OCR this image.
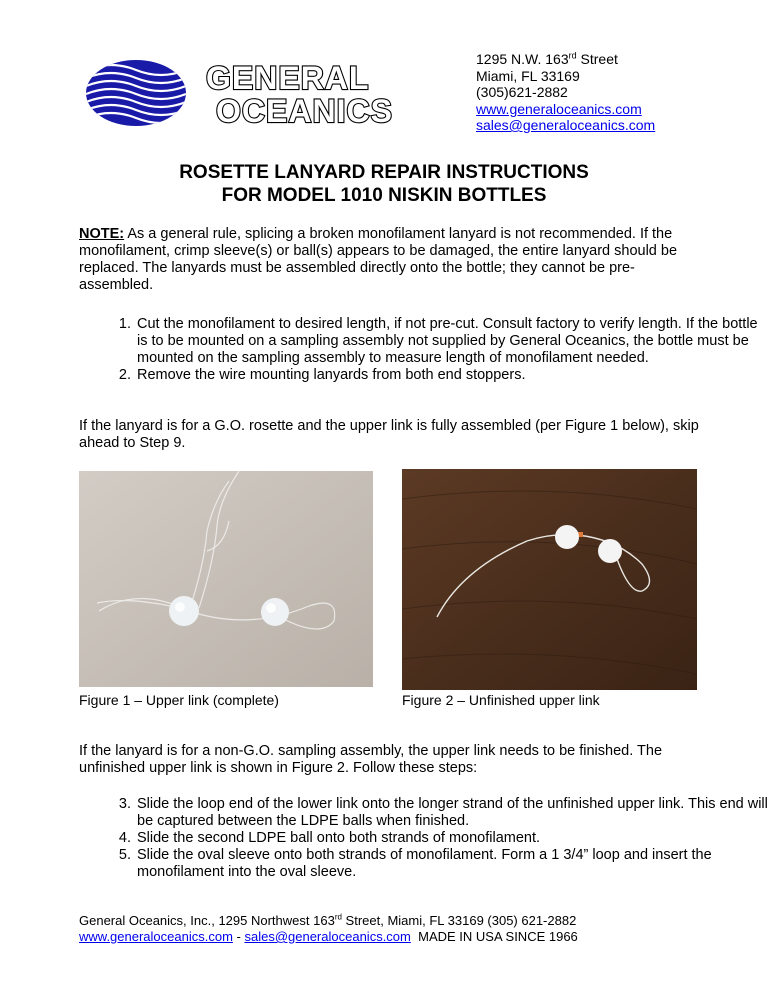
GENERAL
OCEANICS
1295 N.W. 163rd Street
Miami, FL 33169
(305)621-2882
www.generaloceanics.com
sales@generaloceanics.com
ROSETTE LANYARD REPAIR INSTRUCTIONS
FOR MODEL 1010 NISKIN BOTTLES

NOTE: As a general rule, splicing a broken monofilament lanyard is not recommended. If the monofilament, crimp sleeve(s) or ball(s) appears to be damaged, the entire lanyard should be replaced. The lanyards must be assembled directly onto the bottle; they cannot be pre-assembled.

1. Cut the monofilament to desired length, if not pre-cut. Consult factory to verify length. If the bottle is to be mounted on a sampling assembly not supplied by General Oceanics, the bottle must be mounted on the sampling assembly to measure length of monofilament needed.
2. Remove the wire mounting lanyards from both end stoppers.

If the lanyard is for a G.O. rosette and the upper link is fully assembled (per Figure 1 below), skip ahead to Step 9.

Figure 1 – Upper link (complete)	Figure 2 – Unfinished upper link

If the lanyard is for a non-G.O. sampling assembly, the upper link needs to be finished. The unfinished upper link is shown in Figure 2. Follow these steps:

3. Slide the loop end of the lower link onto the longer strand of the unfinished upper link. This end will be captured between the LDPE balls when finished.
4. Slide the second LDPE ball onto both strands of monofilament.
5. Slide the oval sleeve onto both strands of monofilament. Form a 1 3/4” loop and insert the monofilament into the oval sleeve.
General Oceanics, Inc., 1295 Northwest 163rd Street, Miami, FL 33169 (305) 621-2882
www.generaloceanics.com - sales@generaloceanics.com MADE IN USA SINCE 1966
